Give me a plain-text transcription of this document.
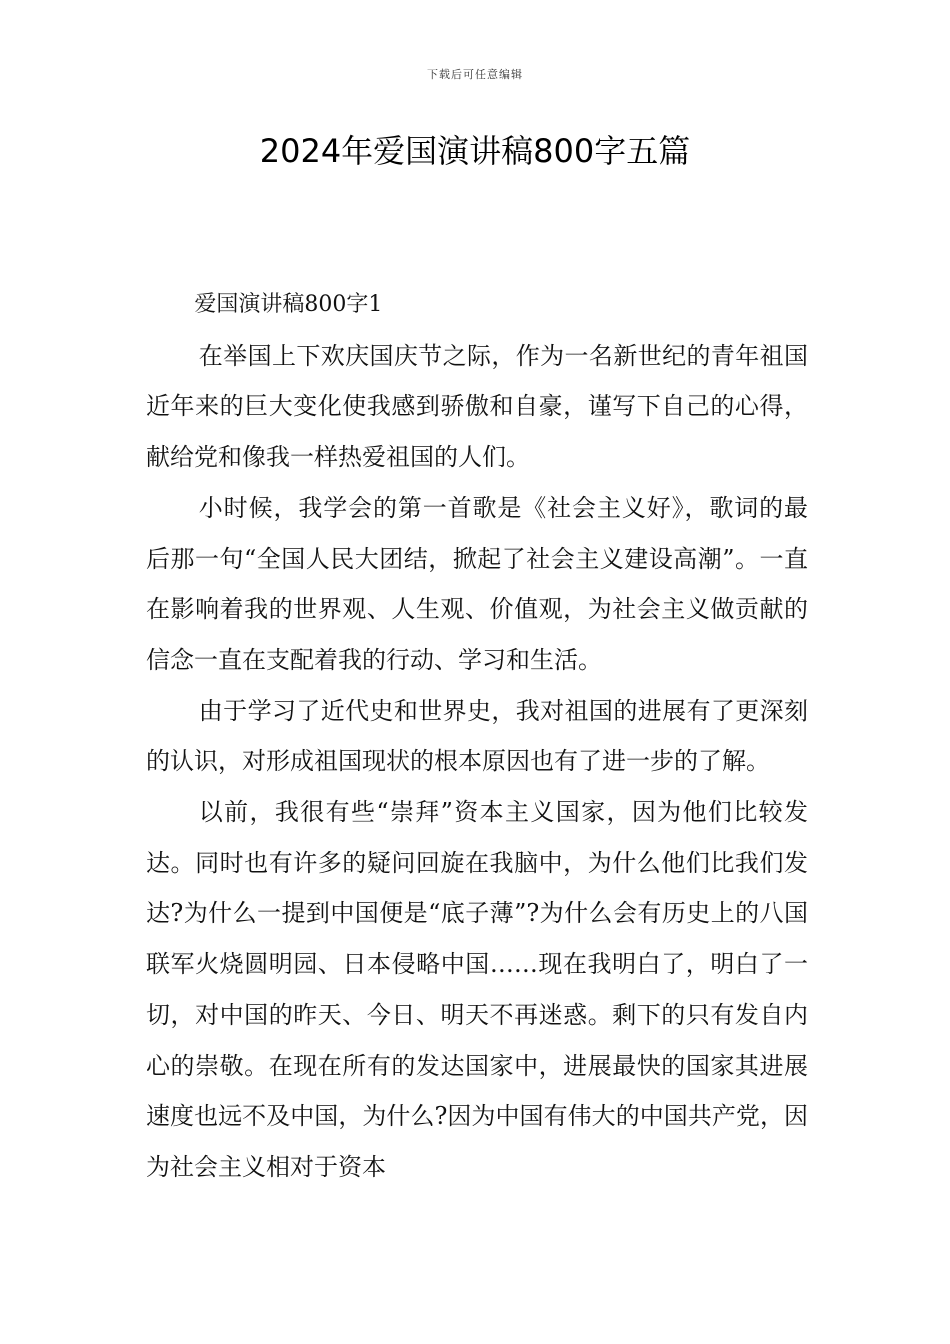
下载后可任意编辑
2024年爱国演讲稿800字五篇

爱国演讲稿800字1

在举国上下欢庆国庆节之际，作为一名新世纪的青年祖国近年来的巨大变化使我感到骄傲和自豪，谨写下自己的心得，献给党和像我一样热爱祖国的人们。

小时候，我学会的第一首歌是《社会主义好》，歌词的最后那一句“全国人民大团结，掀起了社会主义建设高潮”。一直在影响着我的世界观、人生观、价值观，为社会主义做贡献的信念一直在支配着我的行动、学习和生活。

由于学习了近代史和世界史，我对祖国的进展有了更深刻的认识，对形成祖国现状的根本原因也有了进一步的了解。

以前，我很有些“崇拜”资本主义国家，因为他们比较发达。同时也有许多的疑问回旋在我脑中，为什么他们比我们发达?为什么一提到中国便是“底子薄”?为什么会有历史上的八国联军火烧圆明园、日本侵略中国……现在我明白了，明白了一切，对中国的昨天、今日、明天不再迷惑。剩下的只有发自内心的崇敬。在现在所有的发达国家中，进展最快的国家其进展速度也远不及中国，为什么?因为中国有伟大的中国共产党，因为社会主义相对于资本
